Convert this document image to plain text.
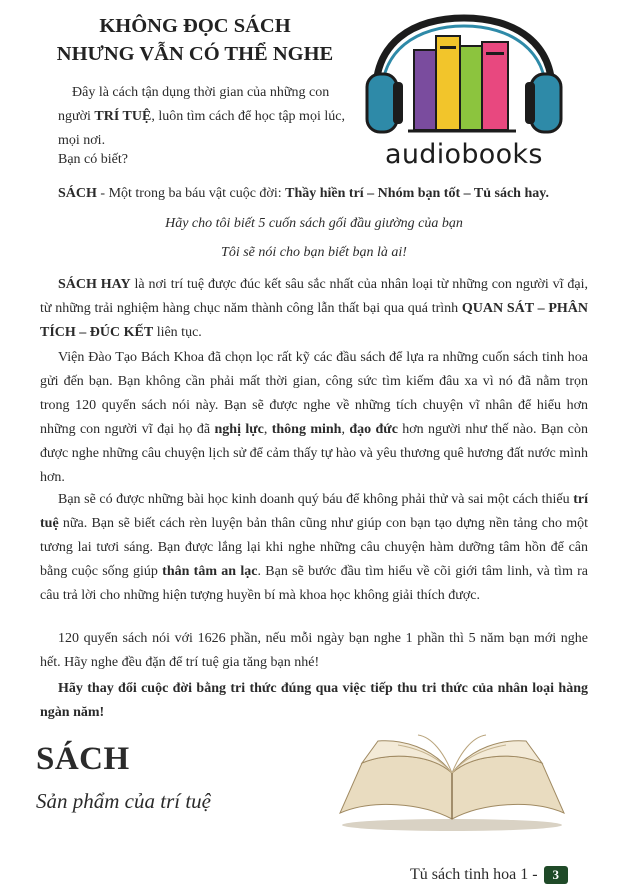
KHÔNG ĐỌC SÁCH
NHƯNG VẪN CÓ THỂ NGHE
Đây là cách tận dụng thời gian của những con người TRÍ TUỆ, luôn tìm cách để học tập mọi lúc, mọi nơi.
Bạn có biết?	audiobooks
SÁCH - Một trong ba báu vật cuộc đời: Thầy hiền trí – Nhóm bạn tốt – Tủ sách hay.
Hãy cho tôi biết 5 cuốn sách gối đầu giường của bạn
Tôi sẽ nói cho bạn biết bạn là ai!
SÁCH HAY là nơi trí tuệ được đúc kết sâu sắc nhất của nhân loại từ những con người vĩ đại, từ những trải nghiệm hàng chục năm thành công lẫn thất bại qua quá trình QUAN SÁT – PHÂN TÍCH – ĐÚC KẾT liên tục.
Viện Đào Tạo Bách Khoa đã chọn lọc rất kỹ các đầu sách để lựa ra những cuốn sách tinh hoa gửi đến bạn. Bạn không cần phải mất thời gian, công sức tìm kiếm đâu xa vì nó đã nằm trọn trong 120 quyển sách nói này. Bạn sẽ được nghe về những tích chuyện vĩ nhân để hiểu hơn những con người vĩ đại họ đã nghị lực, thông minh, đạo đức hơn người như thế nào. Bạn còn được nghe những câu chuyện lịch sử để cảm thấy tự hào và yêu thương quê hương đất nước mình hơn.
Bạn sẽ có được những bài học kinh doanh quý báu để không phải thử và sai một cách thiếu trí tuệ nữa. Bạn sẽ biết cách rèn luyện bản thân cũng như giúp con bạn tạo dựng nền tảng cho một tương lai tươi sáng. Bạn được lắng lại khi nghe những câu chuyện hàm dưỡng tâm hồn để cân bằng cuộc sống giúp thân tâm an lạc. Bạn sẽ bước đầu tìm hiểu về cõi giới tâm linh, và tìm ra câu trả lời cho những hiện tượng huyền bí mà khoa học không giải thích được.
120 quyển sách nói với 1626 phần, nếu mỗi ngày bạn nghe 1 phần thì 5 năm bạn mới nghe hết. Hãy nghe đều đặn để trí tuệ gia tăng bạn nhé!
Hãy thay đổi cuộc đời bằng tri thức đúng qua việc tiếp thu tri thức của nhân loại hàng ngàn năm!
SÁCH
Sản phẩm của trí tuệ
Tủ sách tinh hoa 1 -	3
